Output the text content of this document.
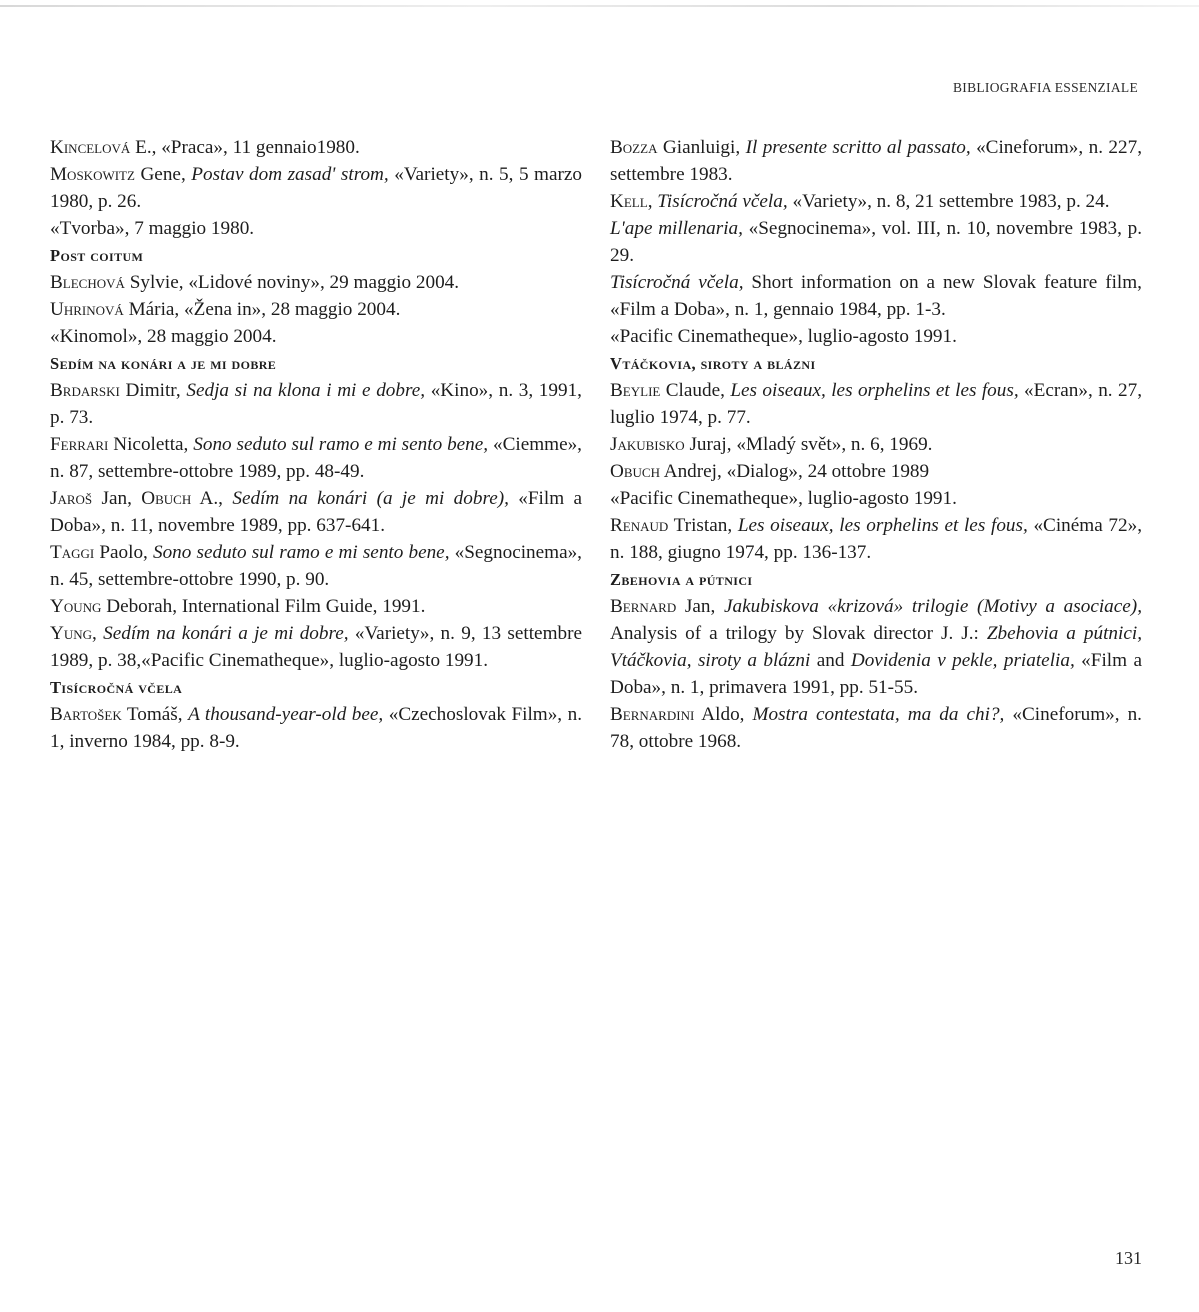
BIBLIOGRAFIA ESSENZIALE

Kincelová E., «Praca», 11 gennaio1980.

Moskowitz Gene, Postav dom zasad' strom, «Variety», n. 5, 5 marzo 1980, p. 26.

«Tvorba», 7 maggio 1980.

Post coitum

Blechová Sylvie, «Lidové noviny», 29 maggio 2004.

Uhrinová Mária, «Žena in», 28 maggio 2004.

«Kinomol», 28 maggio 2004.

Sedím na konári a je mi dobre

Brdarski Dimitr, Sedja si na klona i mi e dobre, «Kino», n. 3, 1991, p. 73.

Ferrari Nicoletta, Sono seduto sul ramo e mi sento bene, «Ciemme», n. 87, settembre-ottobre 1989, pp. 48-49.

Jaroš Jan, Obuch A., Sedím na konári (a je mi dobre), «Film a Doba», n. 11, novembre 1989, pp. 637-641.

Taggi Paolo, Sono seduto sul ramo e mi sento bene, «Segnocinema», n. 45, settembre-ottobre 1990, p. 90.

Young Deborah, International Film Guide, 1991.

Yung, Sedím na konári a je mi dobre, «Variety», n. 9, 13 settembre 1989, p. 38,«Pacific Cinematheque», luglio-agosto 1991.

Tisícročná včela

Bartošek Tomáš, A thousand-year-old bee, «Czechoslovak Film», n. 1, inverno 1984, pp. 8-9.

Bozza Gianluigi, Il presente scritto al passato, «Cineforum», n. 227, settembre 1983.

Kell, Tisícročná včela, «Variety», n. 8, 21 settembre 1983, p. 24.

L'ape millenaria, «Segnocinema», vol. III, n. 10, novembre 1983, p. 29.

Tisícročná včela, Short information on a new Slovak feature film, «Film a Doba», n. 1, gennaio 1984, pp. 1-3.

«Pacific Cinematheque», luglio-agosto 1991.

Vtáčkovia, siroty a blázni

Beylie Claude, Les oiseaux, les orphelins et les fous, «Ecran», n. 27, luglio 1974, p. 77.

Jakubisko Juraj, «Mladý svět», n. 6, 1969.

Obuch Andrej, «Dialog», 24 ottobre 1989

«Pacific Cinematheque», luglio-agosto 1991.

Renaud Tristan, Les oiseaux, les orphelins et les fous, «Cinéma 72», n. 188, giugno 1974, pp. 136-137.

Zbehovia a pútnici

Bernard Jan, Jakubiskova «krizová» trilogie (Motivy a asociace), Analysis of a trilogy by Slovak director J. J.: Zbehovia a pútnici, Vtáčkovia, siroty a blázni and Dovidenia v pekle, priatelia, «Film a Doba», n. 1, primavera 1991, pp. 51-55.

Bernardini Aldo, Mostra contestata, ma da chi?, «Cineforum», n. 78, ottobre 1968.

131
